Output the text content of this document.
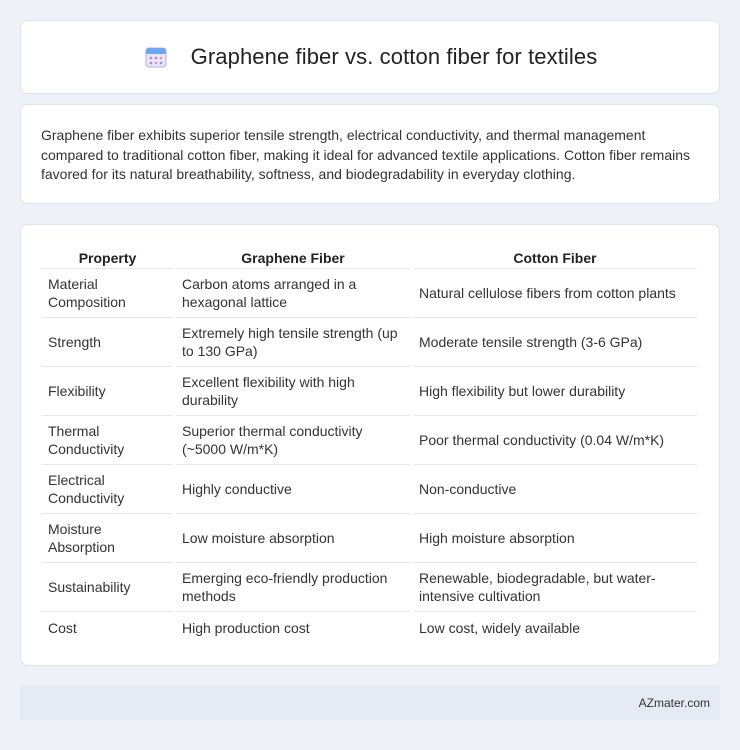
Graphene fiber vs. cotton fiber for textiles

Graphene fiber exhibits superior tensile strength, electrical conductivity, and thermal management compared to traditional cotton fiber, making it ideal for advanced textile applications. Cotton fiber remains favored for its natural breathability, softness, and biodegradability in everyday clothing.

Property	Graphene Fiber	Cotton Fiber
Material Composition	Carbon atoms arranged in a hexagonal lattice	Natural cellulose fibers from cotton plants
Strength	Extremely high tensile strength (up to 130 GPa)	Moderate tensile strength (3-6 GPa)
Flexibility	Excellent flexibility with high durability	High flexibility but lower durability
Thermal Conductivity	Superior thermal conductivity (~5000 W/m*K)	Poor thermal conductivity (0.04 W/m*K)
Electrical Conductivity	Highly conductive	Non-conductive
Moisture Absorption	Low moisture absorption	High moisture absorption
Sustainability	Emerging eco-friendly production methods	Renewable, biodegradable, but water-intensive cultivation
Cost	High production cost	Low cost, widely available
AZmater.com
